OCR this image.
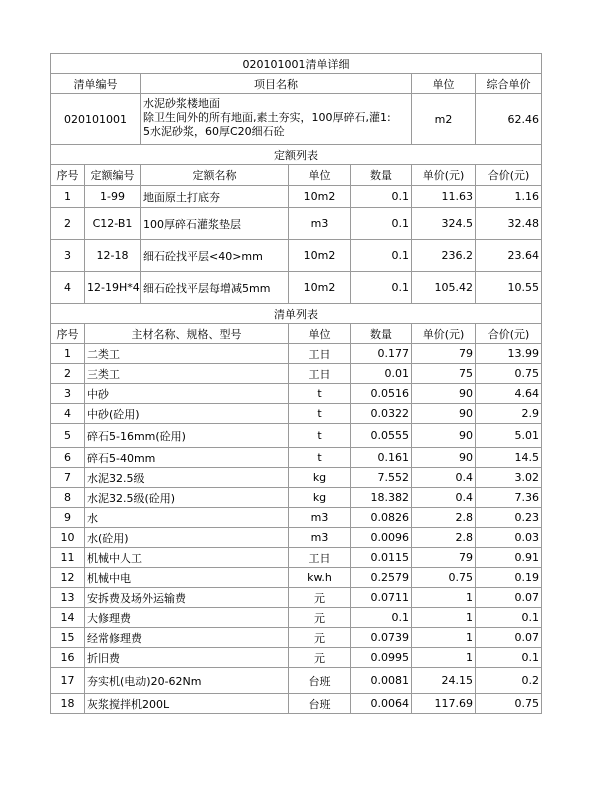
020101001清单详细						
清单编号		项目名称			单位	综合单价
020101001		水泥砂浆楼地面
除卫生间外的所有地面,素土夯实，100厚碎石,灌1:
5水泥砂浆，60厚C20细石砼			m2	62.46
定额列表						
序号	定额编号	定额名称	单位	数量	单价(元)	合价(元)
1	1-99	地面原土打底夯	10m2	0.1	11.63	1.16
2	C12-B1	100厚碎石灌浆垫层	m3	0.1	324.5	32.48
3	12-18	细石砼找平层<40>mm	10m2	0.1	236.2	23.64
4	12-19H*4	细石砼找平层每增减5mm	10m2	0.1	105.42	10.55
清单列表						
序号	主材名称、规格、型号		单位	数量	单价(元)	合价(元)
1	二类工		工日	0.177	79	13.99
2	三类工		工日	0.01	75	0.75
3	中砂		t	0.0516	90	4.64
4	中砂(砼用)		t	0.0322	90	2.9
5	碎石5-16mm(砼用)		t	0.0555	90	5.01
6	碎石5-40mm		t	0.161	90	14.5
7	水泥32.5级		kg	7.552	0.4	3.02
8	水泥32.5级(砼用)		kg	18.382	0.4	7.36
9	水		m3	0.0826	2.8	0.23
10	水(砼用)		m3	0.0096	2.8	0.03
11	机械中人工		工日	0.0115	79	0.91
12	机械中电		kw.h	0.2579	0.75	0.19
13	安拆费及场外运输费		元	0.0711	1	0.07
14	大修理费		元	0.1	1	0.1
15	经常修理费		元	0.0739	1	0.07
16	折旧费		元	0.0995	1	0.1
17	夯实机(电动)20-62Nm		台班	0.0081	24.15	0.2
18	灰浆搅拌机200L		台班	0.0064	117.69	0.75
